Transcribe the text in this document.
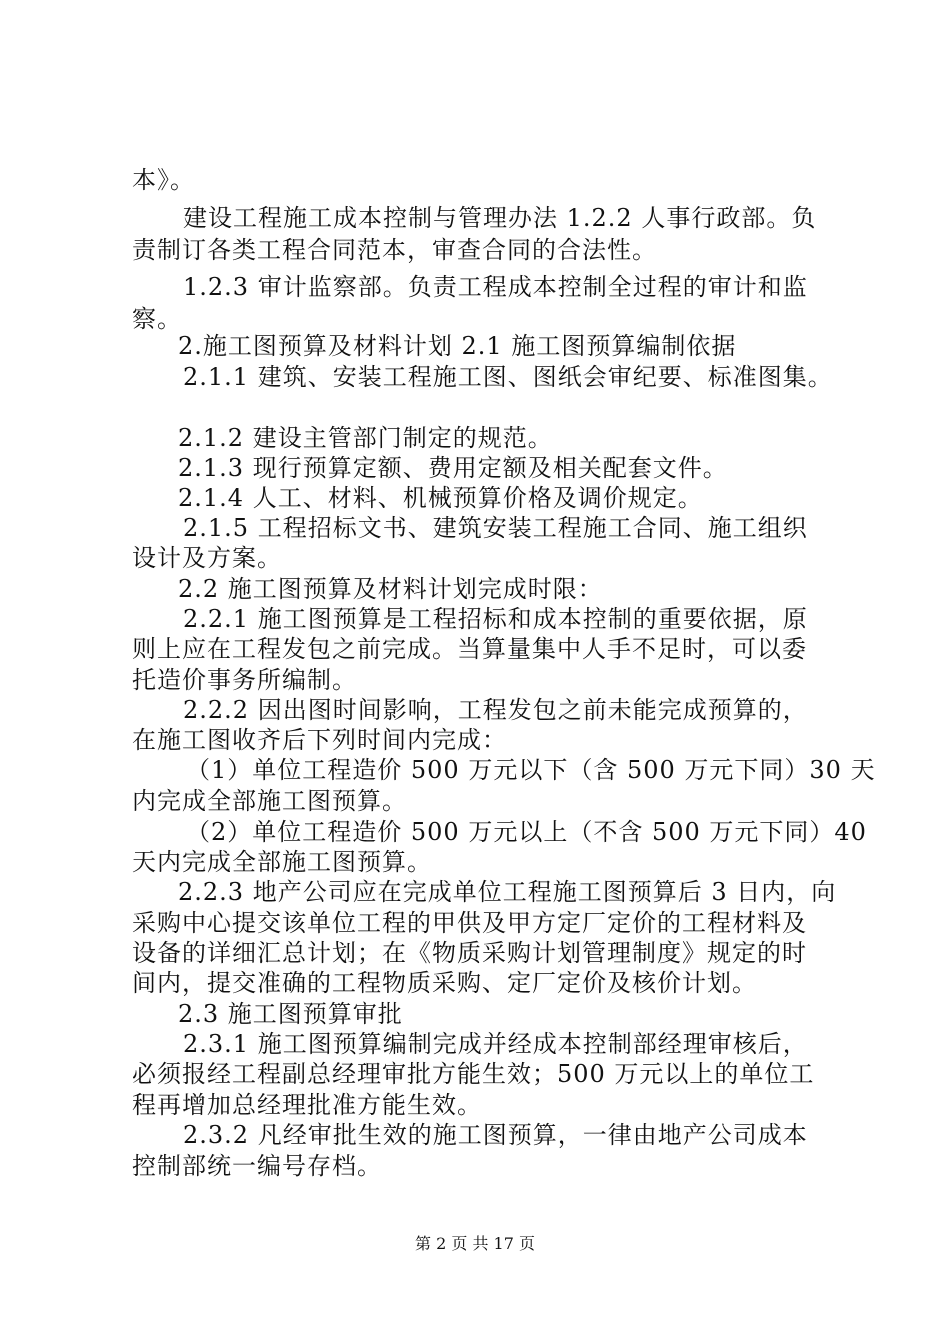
本》。
建设工程施工成本控制与管理办法 1.2.2 人事行政部。负
责制订各类工程合同范本，审查合同的合法性。
1.2.3 审计监察部。负责工程成本控制全过程的审计和监
察。
2.施工图预算及材料计划 2.1 施工图预算编制依据
2.1.1 建筑、安装工程施工图、图纸会审纪要、标准图集。
2.1.2 建设主管部门制定的规范。
2.1.3 现行预算定额、费用定额及相关配套文件。
2.1.4 人工、材料、机械预算价格及调价规定。
2.1.5 工程招标文书、建筑安装工程施工合同、施工组织
设计及方案。
2.2 施工图预算及材料计划完成时限：
2.2.1 施工图预算是工程招标和成本控制的重要依据，原
则上应在工程发包之前完成。当算量集中人手不足时，可以委
托造价事务所编制。
2.2.2 因出图时间影响，工程发包之前未能完成预算的，
在施工图收齐后下列时间内完成：
（1）单位工程造价 500 万元以下（含 500 万元下同）30 天
内完成全部施工图预算。
（2）单位工程造价 500 万元以上（不含 500 万元下同）40
天内完成全部施工图预算。
2.2.3 地产公司应在完成单位工程施工图预算后 3 日内，向
采购中心提交该单位工程的甲供及甲方定厂定价的工程材料及
设备的详细汇总计划；在《物质采购计划管理制度》规定的时
间内，提交准确的工程物质采购、定厂定价及核价计划。
2.3 施工图预算审批
2.3.1 施工图预算编制完成并经成本控制部经理审核后，
必须报经工程副总经理审批方能生效；500 万元以上的单位工
程再增加总经理批准方能生效。
2.3.2 凡经审批生效的施工图预算，一律由地产公司成本
控制部统一编号存档。
第 2 页 共 17 页
